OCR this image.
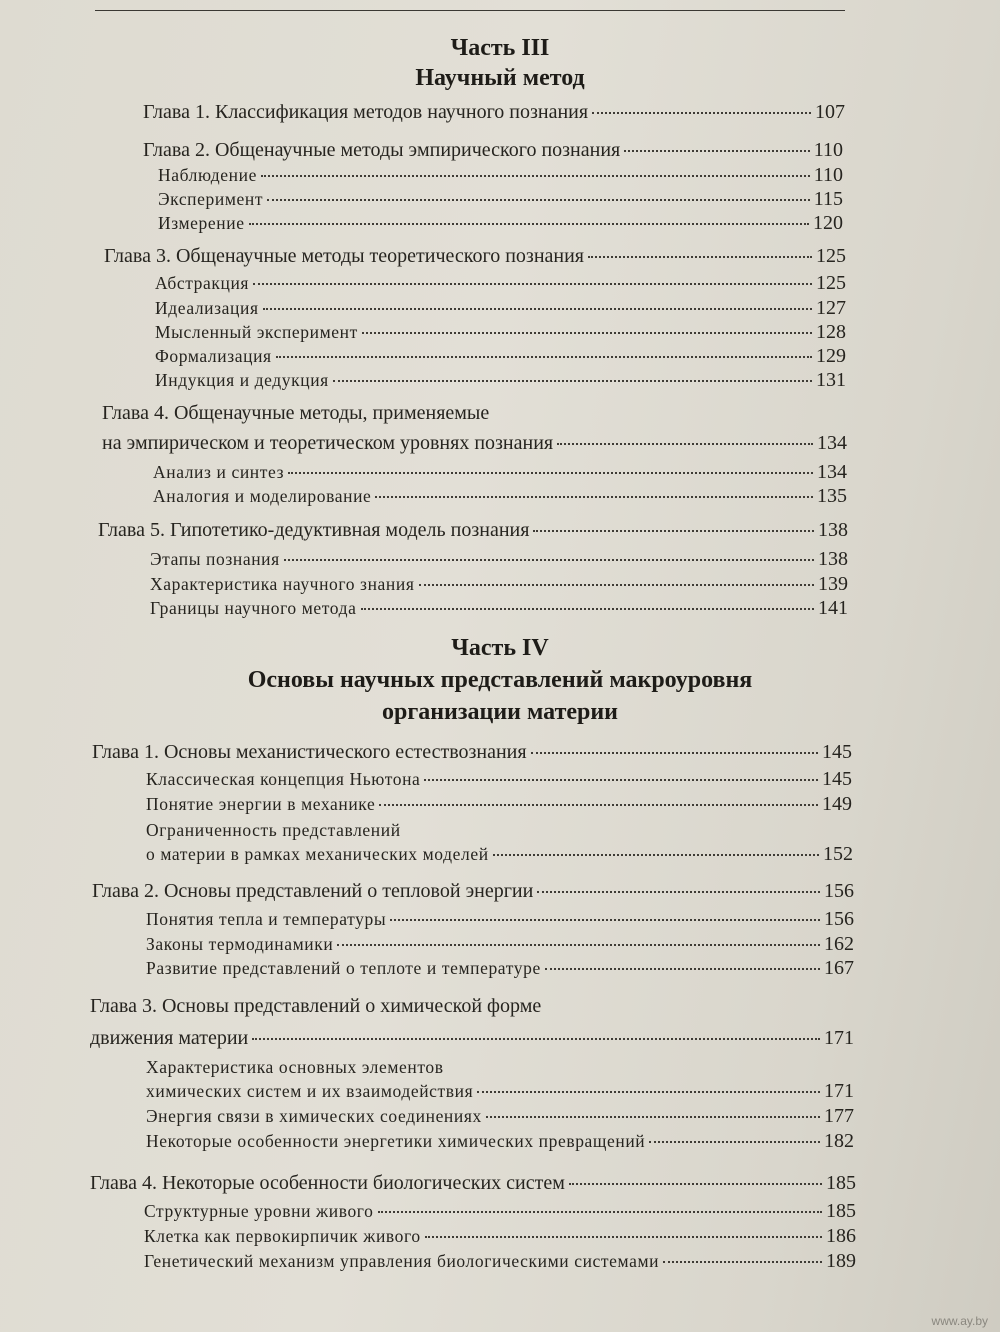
Часть III
Научный метод
Глава 1. Классификация методов научного познания	107
Глава 2. Общенаучные методы эмпирического познания	110
Наблюдение	110
Эксперимент	115
Измерение	120
Глава 3. Общенаучные методы теоретического познания	125
Абстракция	125
Идеализация	127
Мысленный эксперимент	128
Формализация	129
Индукция и дедукция	131
Глава 4. Общенаучные методы, применяемые
на эмпирическом и теоретическом уровнях познания	134
Анализ и синтез	134
Аналогия и моделирование	135
Глава 5. Гипотетико-дедуктивная модель познания	138
Этапы познания	138
Характеристика научного знания	139
Границы научного метода	141
Часть IV
Основы научных представлений макроуровня
организации материи
Глава 1. Основы механистического естествознания	145
Классическая концепция Ньютона	145
Понятие энергии в механике	149
Ограниченность представлений
о материи в рамках механических моделей	152
Глава 2. Основы представлений о тепловой энергии	156
Понятия тепла и температуры	156
Законы термодинамики	162
Развитие представлений о теплоте и температуре	167
Глава 3. Основы представлений о химической форме
движения материи	171
Характеристика основных элементов
химических систем и их взаимодействия	171
Энергия связи в химических соединениях	177
Некоторые особенности энергетики химических превращений	182
Глава 4. Некоторые особенности биологических систем	185
Структурные уровни живого	185
Клетка как первокирпичик живого	186
Генетический механизм управления биологическими системами	189
www.ay.by
